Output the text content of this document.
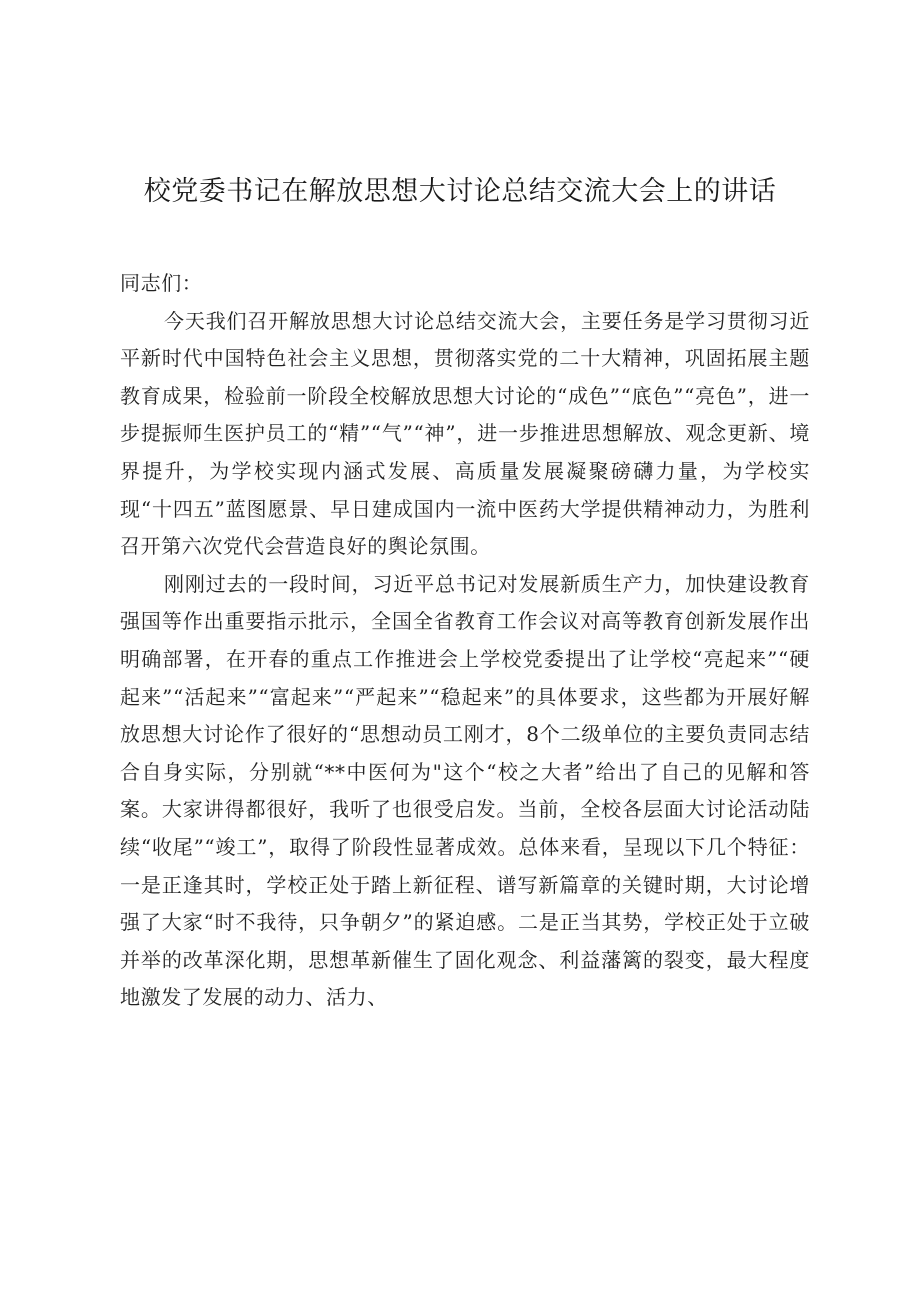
校党委书记在解放思想大讨论总结交流大会上的讲话

同志们：

今天我们召开解放思想大讨论总结交流大会，主要任务是学习贯彻习近平新时代中国特色社会主义思想，贯彻落实党的二十大精神，巩固拓展主题教育成果，检验前一阶段全校解放思想大讨论的“成色”“底色”“亮色”，进一步提振师生医护员工的“精”“气”“神”，进一步推进思想解放、观念更新、境界提升，为学校实现内涵式发展、高质量发展凝聚磅礴力量，为学校实现“十四五”蓝图愿景、早日建成国内一流中医药大学提供精神动力，为胜利召开第六次党代会营造良好的舆论氛围。

刚刚过去的一段时间，习近平总书记对发展新质生产力，加快建设教育强国等作出重要指示批示，全国全省教育工作会议对高等教育创新发展作出明确部署，在开春的重点工作推进会上学校党委提出了让学校“亮起来”“硬起来”“活起来”“富起来”“严起来”“稳起来”的具体要求，这些都为开展好解放思想大讨论作了很好的“思想动员工刚才，8个二级单位的主要负责同志结合自身实际，分别就“**中医何为"这个“校之大者”给出了自己的见解和答案。大家讲得都很好，我听了也很受启发。当前，全校各层面大讨论活动陆续“收尾”“竣工”，取得了阶段性显著成效。总体来看，呈现以下几个特征：一是正逢其时，学校正处于踏上新征程、谱写新篇章的关键时期，大讨论增强了大家“时不我待，只争朝夕”的紧迫感。二是正当其势，学校正处于立破并举的改革深化期，思想革新催生了固化观念、利益藩篱的裂变，最大程度地激发了发展的动力、活力、
